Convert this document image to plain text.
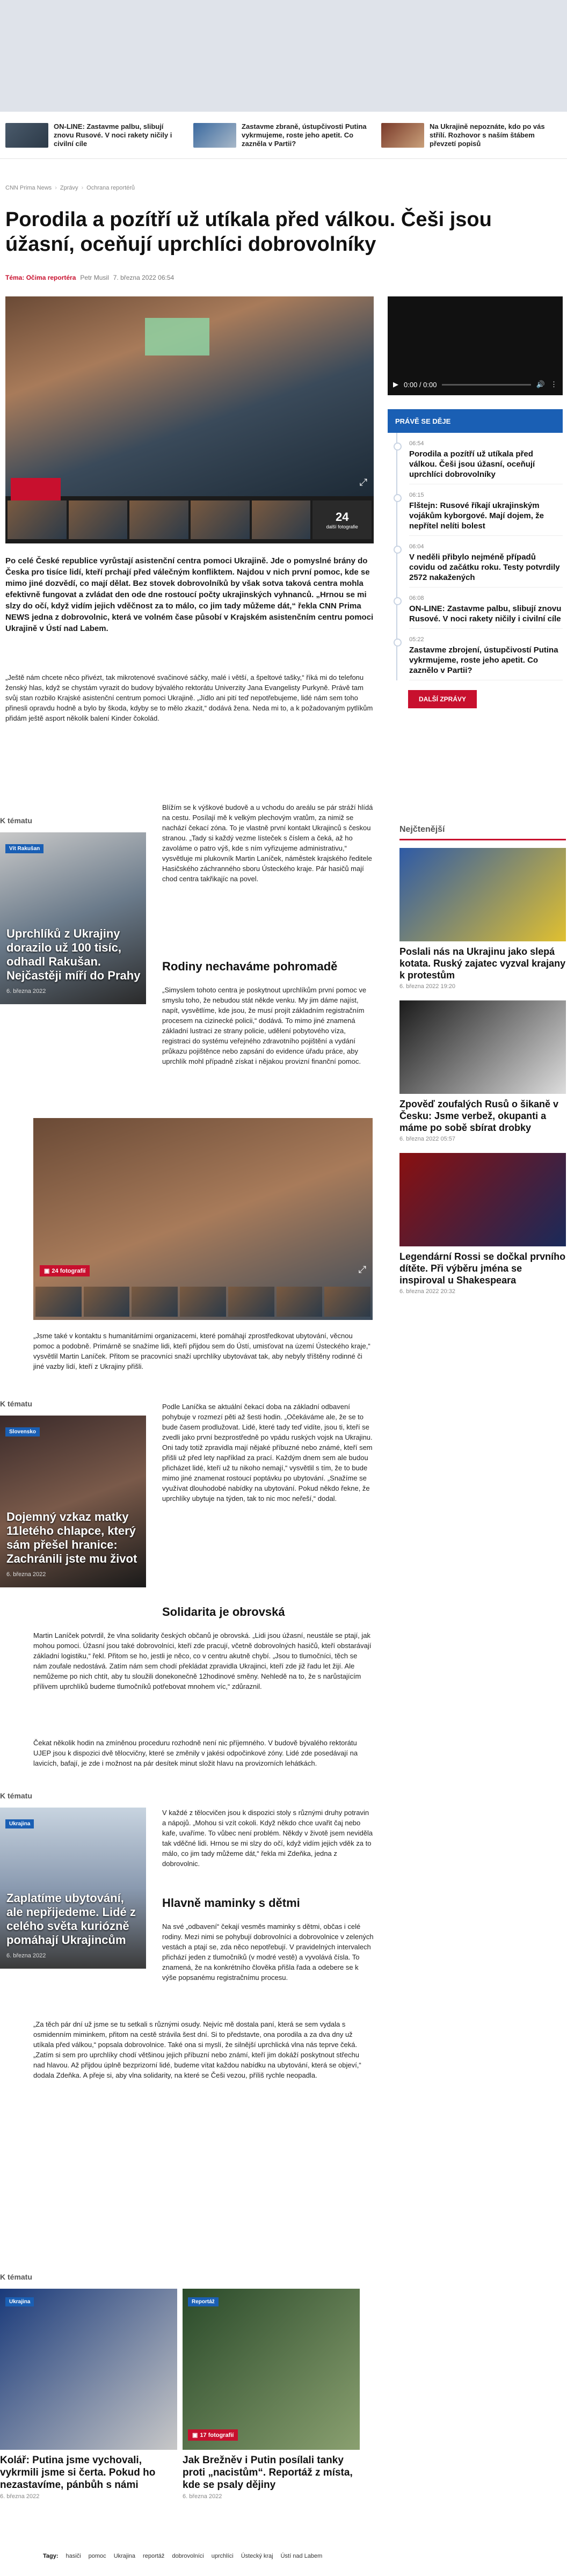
ON-LINE: Zastavme palbu, slibují znovu Rusové. V noci rakety ničily i civilní cíle
Zastavme zbraně, ústupčivosti Putina vykrmujeme, roste jeho apetit. Co zazněla v Partii?
Na Ukrajině nepoznáte, kdo po vás střílí. Rozhovor s naším štábem převzetí popisů
CNN Prima News › Zprávy › Ochrana reportérů
Porodila a pozítří už utíkala před válkou. Češi jsou úžasní, oceňují uprchlíci dobrovolníky
Téma: Očima reportéra Petr Musil 7. března 2022 06:54
⤢
24
další fotografie
▶ 0:00 / 0:00	🔊 ⋮

Po celé České republice vyrůstají asistenční centra pomoci Ukrajině. Jde o pomyslné brány do Česka pro tisíce lidí, kteří prchají před válečným konfliktem. Najdou v nich první pomoc, kde se mimo jiné dozvědí, co mají dělat. Bez stovek dobrovolníků by však sotva taková centra mohla efektivně fungovat a zvládat den ode dne rostoucí počty ukrajinských vyhnanců. „Hrnou se mi slzy do očí, když vidím jejich vděčnost za to málo, co jim tady můžeme dát,“ řekla CNN Prima NEWS jedna z dobrovolnic, která ve volném čase působí v Krajském asistenčním centru pomoci Ukrajině v Ústí nad Labem.

„Ještě nám chcete něco přivézt, tak mikrotenové svačinové sáčky, malé i větší, a špeltové tašky,“ říká mi do telefonu ženský hlas, když se chystám vyrazit do budovy bývalého rektorátu Univerzity Jana Evangelisty Purkyně. Právě tam svůj stan rozbilo Krajské asistenční centrum pomoci Ukrajině. „Jídlo ani pití teď nepotřebujeme, lidé nám sem toho přinesli opravdu hodně a bylo by škoda, kdyby se to mělo zkazit,“ dodává žena. Neda mi to, a k požadovaným pytlíkům přidám ještě asport několik balení Kinder čokolád.

K tématu
Vít Rakušan
Uprchlíků z Ukrajiny dorazilo už 100 tisíc, odhadl Rakušan. Nejčastěji míří do Prahy
6. března 2022

Blížím se k výškové budově a u vchodu do areálu se pár stráží hlídá na cestu. Posílají mě k velkým plechovým vratům, za nimiž se nachází čekací zóna. To je vlastně první kontakt Ukrajinců s českou stranou. „Tady si každý vezme lísteček s číslem a čeká, až ho zavoláme o patro výš, kde s ním vyřizujeme administrativu,“ vysvětluje mi plukovník Martin Laníček, náměstek krajského ředitele Hasičského záchranného sboru Ústeckého kraje. Pár hasičů mají chod centra takřikajíc na povel.

Rodiny nechaváme pohromadě

„Simyslem tohoto centra je poskytnout uprchlíkům první pomoc ve smyslu toho, že nebudou stát někde venku. My jim dáme najíst, napít, vysvětlíme, kde jsou, že musí projít základním registračním procesem na cizinecké policii,“ dodává. To mimo jiné znamená základní lustraci ze strany policie, udělení pobytového víza, registraci do systému veřejného zdravotního pojištění a vydání průkazu pojištěnce nebo zapsání do evidence úřadu práce, aby uprchlík mohl případně získat i nějakou provizní finanční pomoc.

▣ 24 fotografií	⤢

„Jsme také v kontaktu s humanitárními organizacemi, které pomáhají zprostředkovat ubytování, věcnou pomoc a podobně. Primárně se snažíme lidi, kteří přijdou sem do Ústí, umisťovat na území Ústeckého kraje,“ vysvětlil Martin Laníček. Přitom se pracovníci snaží uprchlíky ubytovávat tak, aby nebyly tříštěny rodinné či jiné vazby lidí, kteří z Ukrajiny přišli.

K tématu
Slovensko
Dojemný vzkaz matky 11letého chlapce, který sám přešel hranice: Zachránili jste mu život
6. března 2022

Podle Laníčka se aktuální čekací doba na základní odbavení pohybuje v rozmezí pěti až šesti hodin. „Očekáváme ale, že se to bude časem prodlužovat. Lidé, které tady teď vidíte, jsou ti, kteří se zvedli jako první bezprostředně po vpádu ruských vojsk na Ukrajinu. Oni tady totiž zpravidla mají nějaké příbuzné nebo známé, kteří sem přišli už před lety například za prací. Každým dnem sem ale budou přicházet lidé, kteří už tu nikoho nemají,“ vysvětlil s tím, že to bude mimo jiné znamenat rostoucí poptávku po ubytování. „Snažíme se využívat dlouhodobé nabídky na ubytování. Pokud někdo řekne, že uprchlíky ubytuje na týden, tak to nic moc neřeší,“ dodal.

Solidarita je obrovská

Martin Laníček potvrdil, že vlna solidarity českých občanů je obrovská. „Lidi jsou úžasní, neustále se ptají, jak mohou pomoci. Úžasní jsou také dobrovolníci, kteří zde pracují, včetně dobrovolných hasičů, kteří obstarávají základní logistiku,“ řekl. Přitom se ho, jestli je něco, co v centru akutně chybí. „Jsou to tlumočníci, těch se nám zoufale nedostává. Zatím nám sem chodí překládat zpravidla Ukrajinci, kteří zde již řadu let žijí. Ale nemůžeme po nich chtít, aby tu sloužili donekonečně 12hodinové směny. Nehledě na to, že s narůstajícím přílivem uprchlíků budeme tlumočníků potřebovat mnohem víc,“ zdůraznil.

Čekat několik hodin na zmíněnou proceduru rozhodně není nic příjemného. V budově bývalého rektorátu UJEP jsou k dispozici dvě tělocvičny, které se změnily v jakési odpočinkové zóny. Lidé zde posedávají na lavicích, bafají, je zde i možnost na pár desítek minut složit hlavu na provizorních lehátkách.

K tématu
Ukrajina
Zaplatíme ubytování, ale nepřijedeme. Lidé z celého světa kuriózně pomáhají Ukrajincům
6. března 2022

V každé z tělocvičen jsou k dispozici stoly s různými druhy potravin a nápojů. „Mohou si vzít cokoli. Když někdo chce uvařit čaj nebo kafe, uvaříme. To vůbec není problém. Někdy v životě jsem neviděla tak vděčné lidi. Hrnou se mi slzy do očí, když vidím jejich vděk za to málo, co jim tady můžeme dát,“ řekla mi Zdeňka, jedna z dobrovolnic.

Hlavně maminky s dětmi

Na své „odbavení“ čekají vesměs maminky s dětmi, občas i celé rodiny. Mezi nimi se pohybují dobrovolníci a dobrovolnice v zelených vestách a ptají se, zda něco nepotřebují. V pravidelných intervalech přichází jeden z tlumočníků (v modré vestě) a vyvolává čísla. To znamená, že na konkrétního člověka přišla řada a odebere se k výše popsanému registračnímu procesu.

„Za těch pár dní už jsme se tu setkali s různými osudy. Nejvíc mě dostala paní, která se sem vydala s osmidenním miminkem, přitom na cestě strávila šest dní. Si to představte, ona porodila a za dva dny už utíkala před válkou,“ popsala dobrovolnice. Také ona si myslí, že silnější uprchlická vlna nás teprve čeká. „Zatím si sem pro uprchlíky chodí většinou jejich příbuzní nebo známí, kteří jim dokáží poskytnout střechu nad hlavou. Až přijdou úplně bezprizorní lidé, budeme vítat každou nabídku na ubytování, která se objeví,“ dodala Zdeňka. A přeje si, aby vlna solidarity, na které se Češi vezou, příliš rychle neopadla.

PRÁVĚ SE DĚJE
06:54
Porodila a pozítří už utíkala před válkou. Češi jsou úžasní, oceňují uprchlíci dobrovolníky
06:15
Flštejn: Rusové říkají ukrajinským vojákům kyborgové. Mají dojem, že nepřítel nelíti bolest
06:04
V neděli přibylo nejméně případů covidu od začátku roku. Testy potvrdily 2572 nakažených
06:08
ON-LINE: Zastavme palbu, slibují znovu Rusové. V noci rakety ničily i civilní cíle
05:22
Zastavme zbrojení, ústupčivostí Putina vykrmujeme, roste jeho apetit. Co zaznělo v Partii?
DALŠÍ ZPRÁVY
Nejčtenější
Poslali nás na Ukrajinu jako slepá kotata. Ruský zajatec vyzval krajany k protestům
6. března 2022 19:20
Zpověď zoufalých Rusů o šikaně v Česku: Jsme verbež, okupanti a máme po sobě sbírat drobky
6. března 2022 05:57
Legendární Rossi se dočkal prvního dítěte. Při výběru jména se inspiroval u Shakespeara
6. března 2022 20:32
K tématu
Ukrajina
Kolář: Putina jsme vychovali, vykrmili jsme si čerta. Pokud ho nezastavíme, pánbůh s námi
6. března 2022
Reportáž
▣ 17 fotografií
Jak Brežněv i Putin posílali tanky proti „nacistům“. Reportáž z místa, kde se psaly dějiny
6. března 2022
Tagy: hasiči pomoc Ukrajina reportáž dobrovolníci uprchlíci Ústecký kraj Ústí nad Labem
